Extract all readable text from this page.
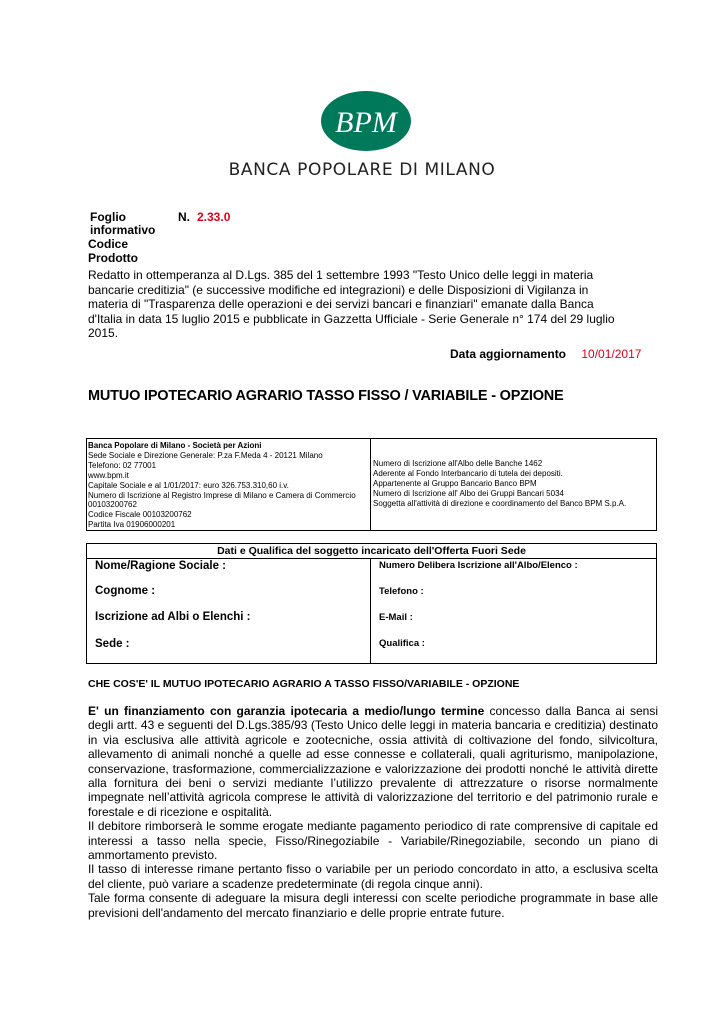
BPM
BANCA POPOLARE DI MILANO
Foglio
informativo
N. 2.33.0
Codice
Prodotto
Redatto in ottemperanza al D.Lgs. 385 del 1 settembre 1993 "Testo Unico delle leggi in materia
bancarie creditizia" (e successive modifiche ed integrazioni) e delle Disposizioni di Vigilanza in
materia di "Trasparenza delle operazioni e dei servizi bancari e finanziari" emanate dalla Banca
d'Italia in data 15 luglio 2015 e pubblicate in Gazzetta Ufficiale - Serie Generale n° 174 del 29 luglio
2015.
Data aggiornamento 10/01/2017
MUTUO IPOTECARIO AGRARIO TASSO FISSO / VARIABILE - OPZIONE
Banca Popolare di Milano - Società per Azioni
Sede Sociale e Direzione Generale: P.za F.Meda 4 - 20121 Milano
Telefono: 02 77001
www.bpm.it
Capitale Sociale e al 1/01/2017: euro 326.753.310,60 i.v.
Numero di Iscrizione al Registro Imprese di Milano e Camera di Commercio
00103200762
Codice Fiscale 00103200762
Partita Iva 01906000201
Numero di Iscrizione all'Albo delle Banche 1462
Aderente al Fondo Interbancario di tutela dei depositi.
Appartenente al Gruppo Bancario Banco BPM
Numero di Iscrizione all' Albo dei Gruppi Bancari 5034
Soggetta all'attività di direzione e coordinamento del Banco BPM S.p.A.
Dati e Qualifica del soggetto incaricato dell'Offerta Fuori Sede
Nome/Ragione Sociale :
Cognome :
Iscrizione ad Albi o Elenchi :
Sede :
Numero Delibera Iscrizione all'Albo/Elenco :
Telefono :
E-Mail :
Qualifica :
CHE COS'E' IL MUTUO IPOTECARIO AGRARIO A TASSO FISSO/VARIABILE - OPZIONE

E' un finanziamento con garanzia ipotecaria a medio/lungo termine concesso dalla Banca ai sensi degli artt. 43 e seguenti del D.Lgs.385/93 (Testo Unico delle leggi in materia bancaria e creditizia) destinato in via esclusiva alle attività agricole e zootecniche, ossia attività di coltivazione del fondo, silvicoltura, allevamento di animali nonché a quelle ad esse connesse e collaterali, quali agriturismo, manipolazione, conservazione, trasformazione, commercializzazione e valorizzazione dei prodotti nonché le attività dirette alla fornitura dei beni o servizi mediante l’utilizzo prevalente di attrezzature o risorse normalmente impegnate nell’attività agricola comprese le attività di valorizzazione del territorio e del patrimonio rurale e forestale e di ricezione e ospitalità.

Il debitore rimborserà le somme erogate mediante pagamento periodico di rate comprensive di capitale ed interessi a tasso nella specie, Fisso/Rinegoziabile - Variabile/Rinegoziabile, secondo un piano di ammortamento previsto.

Il tasso di interesse rimane pertanto fisso o variabile per un periodo concordato in atto, a esclusiva scelta del cliente, può variare a scadenze predeterminate (di regola cinque anni).

Tale forma consente di adeguare la misura degli interessi con scelte periodiche programmate in base alle previsioni dell'andamento del mercato finanziario e delle proprie entrate future.
